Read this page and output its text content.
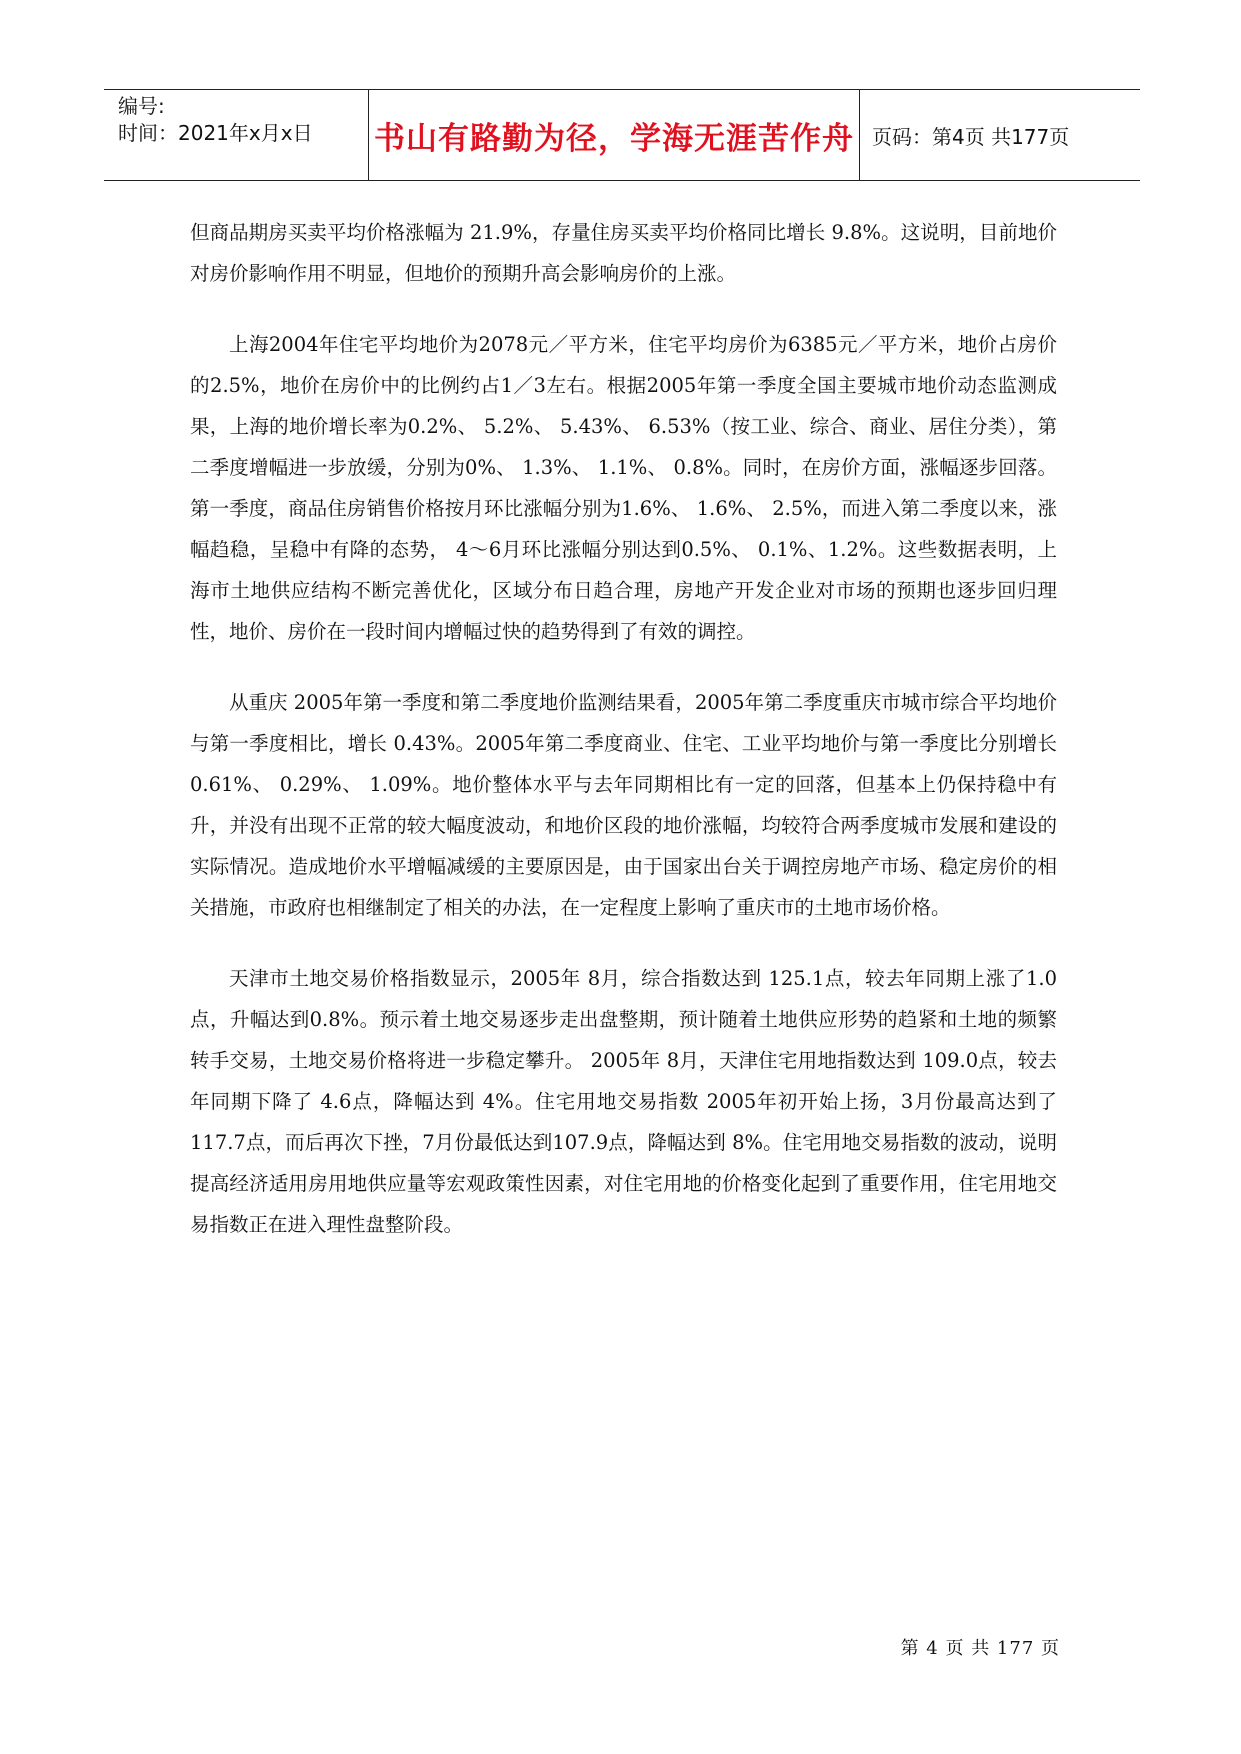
编号:
时间：2021年x月x日	书山有路勤为径，学海无涯苦作舟 页码：第4页 共177页

但商品期房买卖平均价格涨幅为 21.9%，存量住房买卖平均价格同比增长 9.8%。这说明，目前地价对房价影响作用不明显，但地价的预期升高会影响房价的上涨。

上海2004年住宅平均地价为2078元／平方米，住宅平均房价为6385元／平方米，地价占房价的2.5%，地价在房价中的比例约占1／3左右。根据2005年第一季度全国主要城市地价动态监测成果，上海的地价增长率为0.2%、 5.2%、 5.43%、 6.53%（按工业、综合、商业、居住分类），第二季度增幅进一步放缓，分别为0%、 1.3%、 1.1%、 0.8%。同时，在房价方面，涨幅逐步回落。第一季度，商品住房销售价格按月环比涨幅分别为1.6%、 1.6%、 2.5%，而进入第二季度以来，涨幅趋稳，呈稳中有降的态势， 4～6月环比涨幅分别达到0.5%、 0.1%、1.2%。这些数据表明，上海市土地供应结构不断完善优化，区域分布日趋合理，房地产开发企业对市场的预期也逐步回归理性，地价、房价在一段时间内增幅过快的趋势得到了有效的调控。

从重庆 2005年第一季度和第二季度地价监测结果看，2005年第二季度重庆市城市综合平均地价与第一季度相比，增长 0.43%。2005年第二季度商业、住宅、工业平均地价与第一季度比分别增长0.61%、 0.29%、 1.09%。地价整体水平与去年同期相比有一定的回落，但基本上仍保持稳中有升，并没有出现不正常的较大幅度波动，和地价区段的地价涨幅，均较符合两季度城市发展和建设的实际情况。造成地价水平增幅减缓的主要原因是，由于国家出台关于调控房地产市场、稳定房价的相关措施，市政府也相继制定了相关的办法，在一定程度上影响了重庆市的土地市场价格。

天津市土地交易价格指数显示，2005年 8月，综合指数达到 125.1点，较去年同期上涨了1.0点，升幅达到0.8%。预示着土地交易逐步走出盘整期，预计随着土地供应形势的趋紧和土地的频繁转手交易，土地交易价格将进一步稳定攀升。 2005年 8月，天津住宅用地指数达到 109.0点，较去年同期下降了 4.6点，降幅达到 4%。住宅用地交易指数 2005年初开始上扬，3月份最高达到了 117.7点，而后再次下挫，7月份最低达到107.9点，降幅达到 8%。住宅用地交易指数的波动，说明提高经济适用房用地供应量等宏观政策性因素，对住宅用地的价格变化起到了重要作用，住宅用地交易指数正在进入理性盘整阶段。

第 4 页 共 177 页
